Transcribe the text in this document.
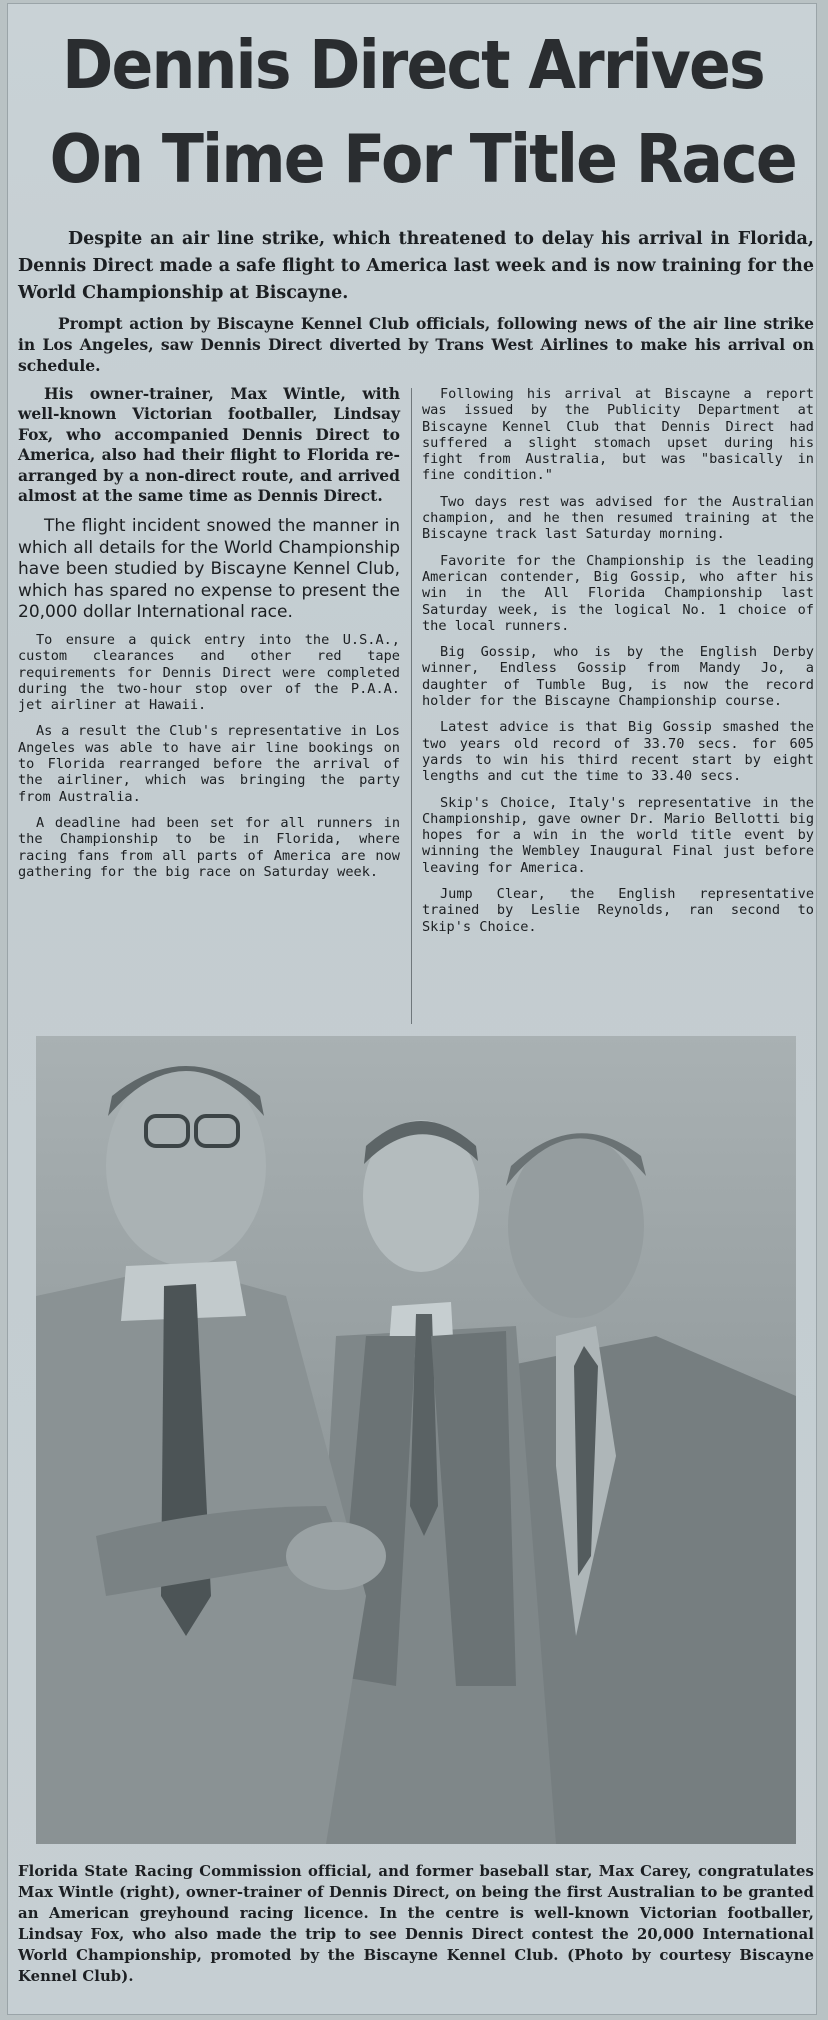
Dennis Direct Arrives
On Time For Title Race

Despite an air line strike, which threatened to delay his arrival in Florida, Dennis Direct made a safe flight to America last week and is now training for the World Championship at Biscayne.

Prompt action by Biscayne Kennel Club officials, following news of the air line strike in Los Angeles, saw Dennis Direct diverted by Trans West Airlines to make his arrival on schedule.

His owner-trainer, Max Wintle, with well-known Victorian footballer, Lindsay Fox, who accompanied Dennis Direct to America, also had their flight to Florida re-arranged by a non-direct route, and arrived almost at the same time as Dennis Direct.

The flight incident snowed the manner in which all details for the World Championship have been studied by Biscayne Kennel Club, which has spared no expense to present the 20,000 dollar International race.

To ensure a quick entry into the U.S.A., custom clearances and other red tape requirements for Dennis Direct were completed during the two-hour stop over of the P.A.A. jet airliner at Hawaii.

As a result the Club's representative in Los Angeles was able to have air line bookings on to Florida rearranged before the arrival of the airliner, which was bringing the party from Australia.

A deadline had been set for all runners in the Championship to be in Florida, where racing fans from all parts of America are now gathering for the big race on Saturday week.

Following his arrival at Biscayne a report was issued by the Publicity Department at Biscayne Kennel Club that Dennis Direct had suffered a slight stomach upset during his fight from Australia, but was "basically in fine condition."

Two days rest was advised for the Australian champion, and he then resumed training at the Biscayne track last Saturday morning.

Favorite for the Championship is the leading American contender, Big Gossip, who after his win in the All Florida Championship last Saturday week, is the logical No. 1 choice of the local runners.

Big Gossip, who is by the English Derby winner, Endless Gossip from Mandy Jo, a daughter of Tumble Bug, is now the record holder for the Biscayne Championship course.

Latest advice is that Big Gossip smashed the two years old record of 33.70 secs. for 605 yards to win his third recent start by eight lengths and cut the time to 33.40 secs.

Skip's Choice, Italy's representative in the Championship, gave owner Dr. Mario Bellotti big hopes for a win in the world title event by winning the Wembley Inaugural Final just before leaving for America.

Jump Clear, the English representative trained by Leslie Reynolds, ran second to Skip's Choice.

Florida State Racing Commission official, and former baseball star, Max Carey, congratulates Max Wintle (right), owner-trainer of Dennis Direct, on being the first Australian to be granted an American greyhound racing licence. In the centre is well-known Victorian footballer, Lindsay Fox, who also made the trip to see Dennis Direct contest the 20,000 International World Championship, promoted by the Biscayne Kennel Club. (Photo by courtesy Biscayne Kennel Club).
